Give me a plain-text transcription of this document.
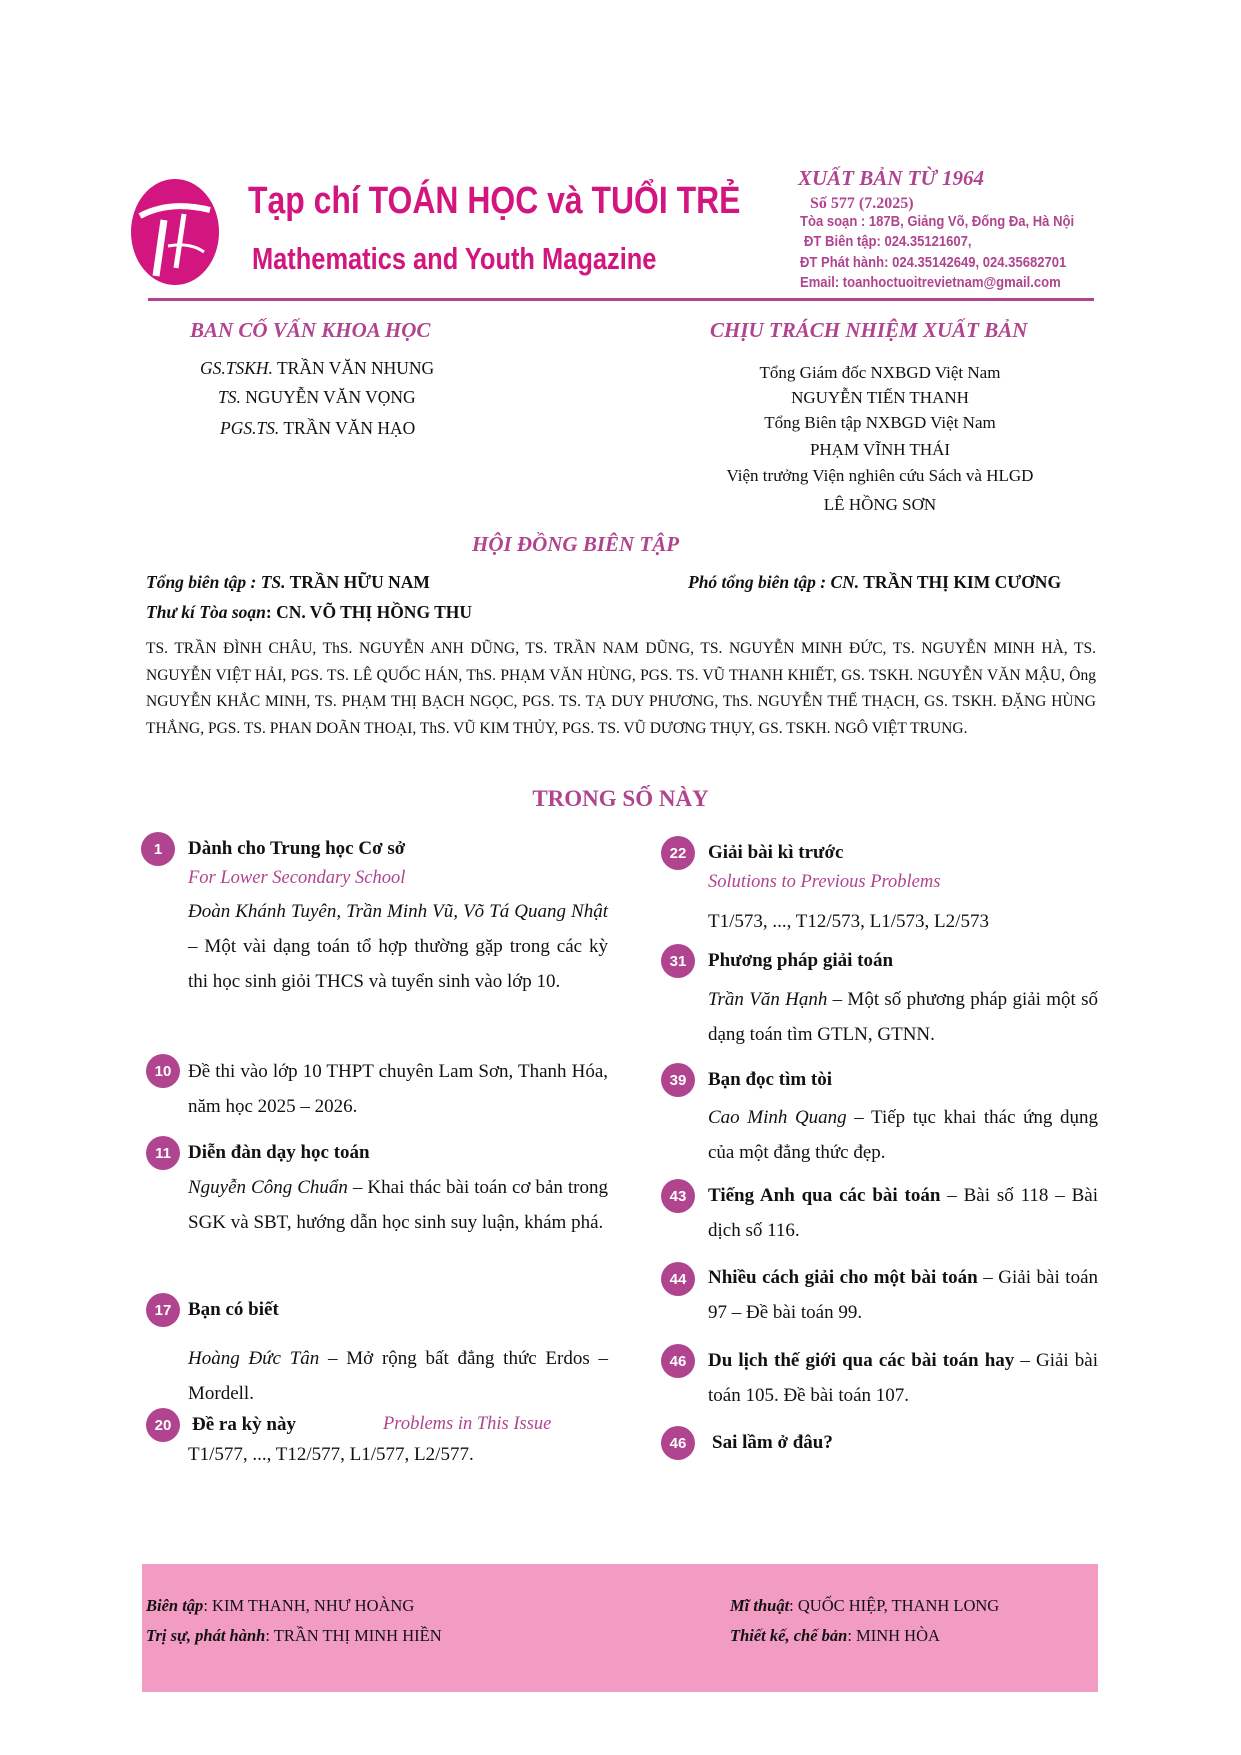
Tạp chí TOÁN HỌC và TUỔI TRẺ
Mathematics and Youth Magazine
XUẤT BẢN TỪ 1964
Số 577 (7.2025)
Tòa soạn : 187B, Giảng Võ, Đống Đa, Hà Nội
ĐT Biên tập: 024.35121607,
ĐT Phát hành: 024.35142649, 024.35682701
Email: toanhoctuoitrevietnam@gmail.com
BAN CỐ VẤN KHOA HỌC
GS.TSKH. TRẦN VĂN NHUNG
TS. NGUYỄN VĂN VỌNG
PGS.TS. TRẦN VĂN HẠO
CHỊU TRÁCH NHIỆM XUẤT BẢN
Tổng Giám đốc NXBGD Việt Nam
NGUYỄN TIẾN THANH
Tổng Biên tập NXBGD Việt Nam
PHẠM VĨNH THÁI
Viện trưởng Viện nghiên cứu Sách và HLGD
LÊ HỒNG SƠN
HỘI ĐỒNG BIÊN TẬP
Tổng biên tập : TS. TRẦN HỮU NAM	Phó tổng biên tập : CN. TRẦN THỊ KIM CƯƠNG
Thư kí Tòa soạn: CN. VÕ THỊ HỒNG THU
TS. TRẦN ĐÌNH CHÂU, ThS. NGUYỄN ANH DŨNG, TS. TRẦN NAM DŨNG, TS. NGUYỄN MINH ĐỨC, TS. NGUYỄN MINH HÀ, TS. NGUYỄN VIỆT HẢI, PGS. TS. LÊ QUỐC HÁN, ThS. PHẠM VĂN HÙNG, PGS. TS. VŨ THANH KHIẾT, GS. TSKH. NGUYỄN VĂN MẬU, Ông NGUYỄN KHẮC MINH, TS. PHẠM THỊ BẠCH NGỌC, PGS. TS. TẠ DUY PHƯƠNG, ThS. NGUYỄN THẾ THẠCH, GS. TSKH. ĐẶNG HÙNG THẮNG, PGS. TS. PHAN DOÃN THOẠI, ThS. VŨ KIM THỦY, PGS. TS. VŨ DƯƠNG THỤY, GS. TSKH. NGÔ VIỆT TRUNG.
TRONG SỐ NÀY
1	Dành cho Trung học Cơ sở
For Lower Secondary School
Đoàn Khánh Tuyên, Trần Minh Vũ, Võ Tá Quang Nhật – Một vài dạng toán tổ hợp thường gặp trong các kỳ thi học sinh giỏi THCS và tuyển sinh vào lớp 10.
10 Đề thi vào lớp 10 THPT chuyên Lam Sơn, Thanh Hóa, năm học 2025 – 2026.
11 Diễn đàn dạy học toán
Nguyễn Công Chuẩn – Khai thác bài toán cơ bản trong SGK và SBT, hướng dẫn học sinh suy luận, khám phá.
17 Bạn có biết
Hoàng Đức Tân – Mở rộng bất đẳng thức Erdos – Mordell.
20	Đề ra kỳ này	Problems in This Issue
T1/577, ..., T12/577, L1/577, L2/577.
22	Giải bài kì trước
Solutions to Previous Problems
T1/573, ..., T12/573, L1/573, L2/573
31	Phương pháp giải toán
Trần Văn Hạnh – Một số phương pháp giải một số dạng toán tìm GTLN, GTNN.
39	Bạn đọc tìm tòi
Cao Minh Quang – Tiếp tục khai thác ứng dụng của một đẳng thức đẹp.
43	Tiếng Anh qua các bài toán – Bài số 118 – Bài dịch số 116.
44	Nhiều cách giải cho một bài toán – Giải bài toán 97 – Đề bài toán 99.
46	Du lịch thế giới qua các bài toán hay – Giải bài toán 105. Đề bài toán 107.
46	Sai lầm ở đâu?
Biên tập: KIM THANH, NHƯ HOÀNG
Trị sự, phát hành: TRẦN THỊ MINH HIỀN
Mĩ thuật: QUỐC HIỆP, THANH LONG
Thiết kế, chế bản: MINH HÒA
